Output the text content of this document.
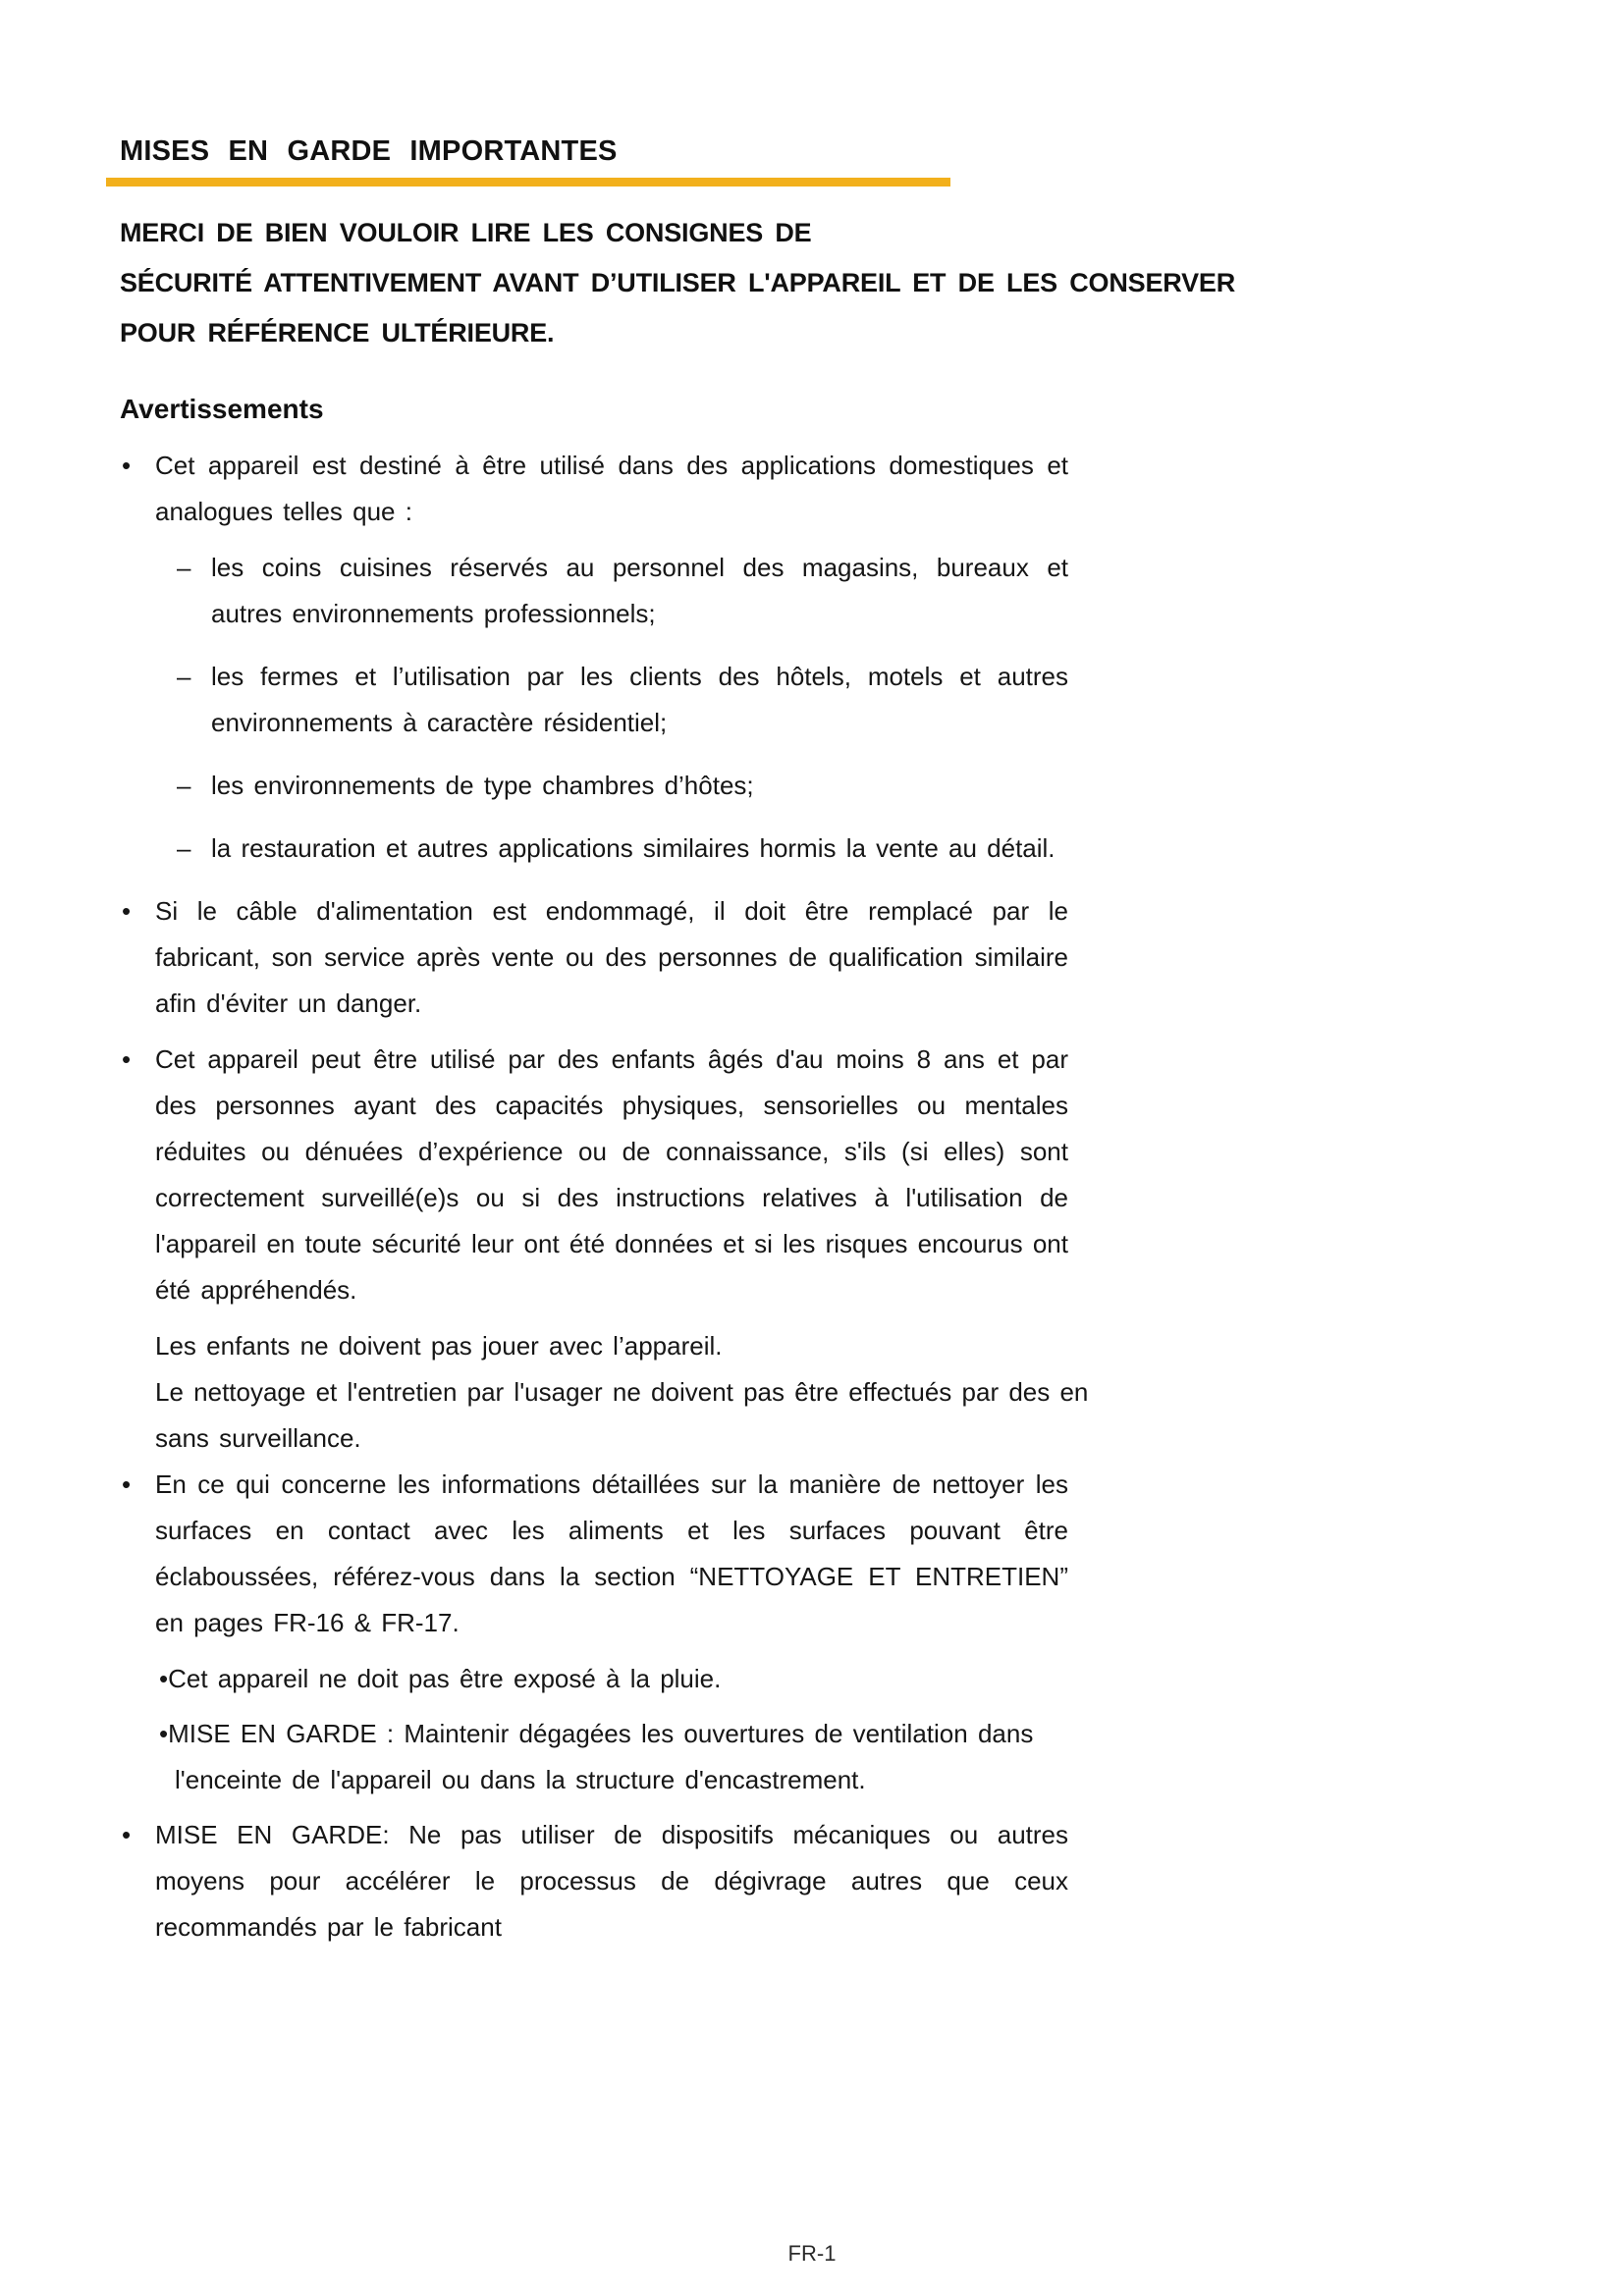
MISES EN GARDE IMPORTANTES
MERCI DE BIEN VOULOIR LIRE LES CONSIGNES DE
SÉCURITÉ ATTENTIVEMENT AVANT D’UTILISER L'APPAREIL ET DE LES CONSERVER
POUR RÉFÉRENCE ULTÉRIEURE.
Avertissements
• Cet appareil est destiné à être utilisé dans des applications domestiques et analogues telles que :
– les coins cuisines réservés au personnel des magasins, bureaux et autres environnements professionnels;
– les fermes et l’utilisation par les clients des hôtels, motels et autres environnements à caractère résidentiel;
– les environnements de type chambres d’hôtes;
– la restauration et autres applications similaires hormis la vente au détail.
• Si le câble d'alimentation est endommagé, il doit être remplacé par le fabricant, son service après vente ou des personnes de qualification similaire afin d'éviter un danger.
• Cet appareil peut être utilisé par des enfants âgés d'au moins 8 ans et par des personnes ayant des capacités physiques, sensorielles ou mentales réduites ou dénuées d’expérience ou de connaissance, s'ils (si elles) sont correctement surveillé(e)s ou si des instructions relatives à l'utilisation de l'appareil en toute sécurité leur ont été données et si les risques encourus ont été appréhendés.
Les enfants ne doivent pas jouer avec l’appareil.
Le nettoyage et l'entretien par l'usager ne doivent pas être effectués par des en
sans surveillance.
• En ce qui concerne les informations détaillées sur la manière de nettoyer les surfaces en contact avec les aliments et les surfaces pouvant être éclaboussées, référez-vous dans la section “NETTOYAGE ET ENTRETIEN” en pages FR-16 & FR-17.
•Cet appareil ne doit pas être exposé à la pluie.
•MISE EN GARDE : Maintenir dégagées les ouvertures de ventilation dans l'enceinte de l'appareil ou dans la structure d'encastrement.
• MISE EN GARDE: Ne pas utiliser de dispositifs mécaniques ou autres moyens pour accélérer le processus de dégivrage autres que ceux recommandés par le fabricant
FR-1
